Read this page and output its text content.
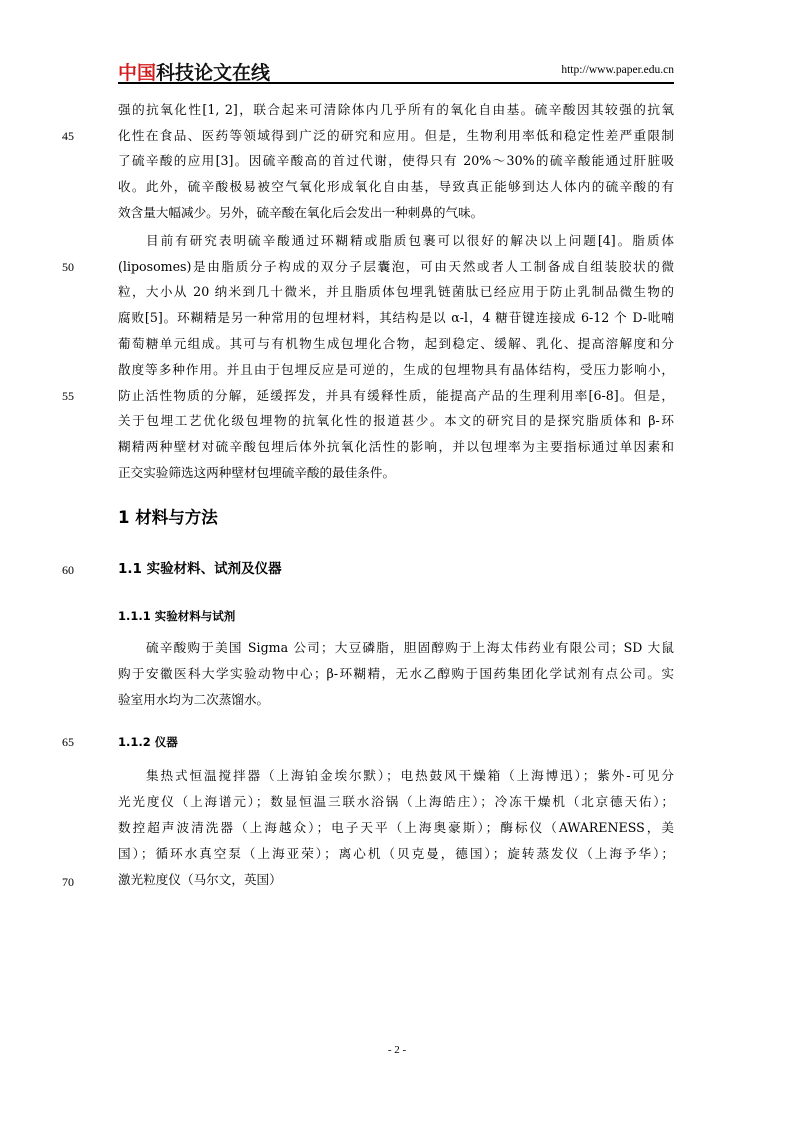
中国科技论文在线	http://www.paper.edu.cn
45
50
55
60
65
70
强的抗氧化性[1, 2]，联合起来可清除体内几乎所有的氧化自由基。硫辛酸因其较强的抗氧
化性在食品、医药等领域得到广泛的研究和应用。但是，生物利用率低和稳定性差严重限制
了硫辛酸的应用[3]。因硫辛酸高的首过代谢，使得只有 20%～30%的硫辛酸能通过肝脏吸
收。此外，硫辛酸极易被空气氧化形成氧化自由基，导致真正能够到达人体内的硫辛酸的有
效含量大幅减少。另外，硫辛酸在氧化后会发出一种刺鼻的气味。
目前有研究表明硫辛酸通过环糊精或脂质包裹可以很好的解决以上问题[4]。脂质体
(liposomes)是由脂质分子构成的双分子层囊泡，可由天然或者人工制备成自组装胶状的微
粒，大小从 20 纳米到几十微米，并且脂质体包埋乳链菌肽已经应用于防止乳制品微生物的
腐败[5]。环糊精是另一种常用的包埋材料，其结构是以 α-l，4 糖苷键连接成 6-12 个 D-吡喃
葡萄糖单元组成。其可与有机物生成包埋化合物，起到稳定、缓解、乳化、提高溶解度和分
散度等多种作用。并且由于包埋反应是可逆的，生成的包埋物具有晶体结构，受压力影响小，
防止活性物质的分解，延缓挥发，并具有缓释性质，能提高产品的生理利用率[6-8]。但是，
关于包埋工艺优化级包埋物的抗氧化性的报道甚少。本文的研究目的是探究脂质体和 β-环
糊精两种壁材对硫辛酸包埋后体外抗氧化活性的影响，并以包埋率为主要指标通过单因素和
正交实验筛选这两种壁材包埋硫辛酸的最佳条件。
1 材料与方法
1.1 实验材料、试剂及仪器
1.1.1 实验材料与试剂
硫辛酸购于美国 Sigma 公司；大豆磷脂，胆固醇购于上海太伟药业有限公司；SD 大鼠
购于安徽医科大学实验动物中心；β-环糊精，无水乙醇购于国药集团化学试剂有点公司。实
验室用水均为二次蒸馏水。
1.1.2 仪器
集热式恒温搅拌器（上海铂金埃尔默）；电热鼓风干燥箱（上海博迅）；紫外-可见分
光光度仪（上海谱元）；数显恒温三联水浴锅（上海皓庄）；冷冻干燥机（北京德天佑）；
数控超声波清洗器（上海越众）；电子天平（上海奥豪斯）；酶标仪（AWARENESS，美
国）；循环水真空泵（上海亚荣）；离心机（贝克曼，德国）；旋转蒸发仪（上海予华）；
激光粒度仪（马尔文，英国）
- 2 -
